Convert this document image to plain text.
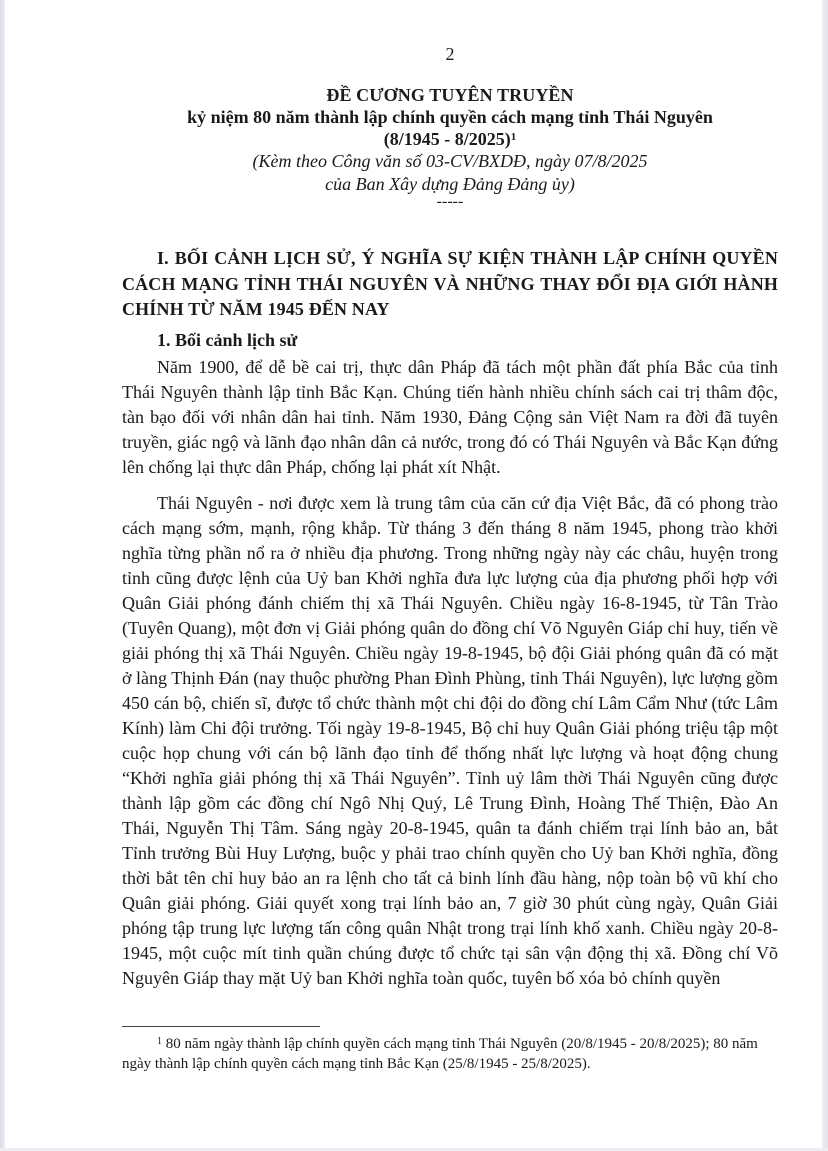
2
ĐỀ CƯƠNG TUYÊN TRUYỀN
kỷ niệm 80 năm thành lập chính quyền cách mạng tỉnh Thái Nguyên
(8/1945 - 8/2025)$^1$
(Kèm theo Công văn số 03-CV/BXDĐ, ngày 07/8/2025
của Ban Xây dựng Đảng Đảng ủy)
-----
I. BỐI CẢNH LỊCH SỬ, Ý NGHĨA SỰ KIỆN THÀNH LẬP CHÍNH QUYỀN CÁCH MẠNG TỈNH THÁI NGUYÊN VÀ NHỮNG THAY ĐỔI ĐỊA GIỚI HÀNH CHÍNH TỪ NĂM 1945 ĐẾN NAY
1. Bối cảnh lịch sử

Năm 1900, để dễ bề cai trị, thực dân Pháp đã tách một phần đất phía Bắc của tỉnh Thái Nguyên thành lập tỉnh Bắc Kạn. Chúng tiến hành nhiều chính sách cai trị thâm độc, tàn bạo đối với nhân dân hai tỉnh. Năm 1930, Đảng Cộng sản Việt Nam ra đời đã tuyên truyền, giác ngộ và lãnh đạo nhân dân cả nước, trong đó có Thái Nguyên và Bắc Kạn đứng lên chống lại thực dân Pháp, chống lại phát xít Nhật.

Thái Nguyên - nơi được xem là trung tâm của căn cứ địa Việt Bắc, đã có phong trào cách mạng sớm, mạnh, rộng khắp. Từ tháng 3 đến tháng 8 năm 1945, phong trào khởi nghĩa từng phần nổ ra ở nhiều địa phương. Trong những ngày này các châu, huyện trong tỉnh cũng được lệnh của Uỷ ban Khởi nghĩa đưa lực lượng của địa phương phối hợp với Quân Giải phóng đánh chiếm thị xã Thái Nguyên. Chiều ngày 16-8-1945, từ Tân Trào (Tuyên Quang), một đơn vị Giải phóng quân do đồng chí Võ Nguyên Giáp chỉ huy, tiến về giải phóng thị xã Thái Nguyên. Chiều ngày 19-8-1945, bộ đội Giải phóng quân đã có mặt ở làng Thịnh Đán (nay thuộc phường Phan Đình Phùng, tỉnh Thái Nguyên), lực lượng gồm 450 cán bộ, chiến sĩ, được tổ chức thành một chi đội do đồng chí Lâm Cẩm Như (tức Lâm Kính) làm Chi đội trưởng. Tối ngày 19-8-1945, Bộ chỉ huy Quân Giải phóng triệu tập một cuộc họp chung với cán bộ lãnh đạo tỉnh để thống nhất lực lượng và hoạt động chung “Khởi nghĩa giải phóng thị xã Thái Nguyên”. Tỉnh uỷ lâm thời Thái Nguyên cũng được thành lập gồm các đồng chí Ngô Nhị Quý, Lê Trung Đình, Hoàng Thế Thiện, Đào An Thái, Nguyễn Thị Tâm. Sáng ngày 20-8-1945, quân ta đánh chiếm trại lính bảo an, bắt Tỉnh trưởng Bùi Huy Lượng, buộc y phải trao chính quyền cho Uỷ ban Khởi nghĩa, đồng thời bắt tên chỉ huy bảo an ra lệnh cho tất cả binh lính đầu hàng, nộp toàn bộ vũ khí cho Quân giải phóng. Giải quyết xong trại lính bảo an, 7 giờ 30 phút cùng ngày, Quân Giải phóng tập trung lực lượng tấn công quân Nhật trong trại lính khố xanh. Chiều ngày 20-8-1945, một cuộc mít tinh quần chúng được tổ chức tại sân vận động thị xã. Đồng chí Võ Nguyên Giáp thay mặt Uỷ ban Khởi nghĩa toàn quốc, tuyên bố xóa bỏ chính quyền

$^1$ 80 năm ngày thành lập chính quyền cách mạng tỉnh Thái Nguyên (20/8/1945 - 20/8/2025); 80 năm ngày thành lập chính quyền cách mạng tỉnh Bắc Kạn (25/8/1945 - 25/8/2025).
